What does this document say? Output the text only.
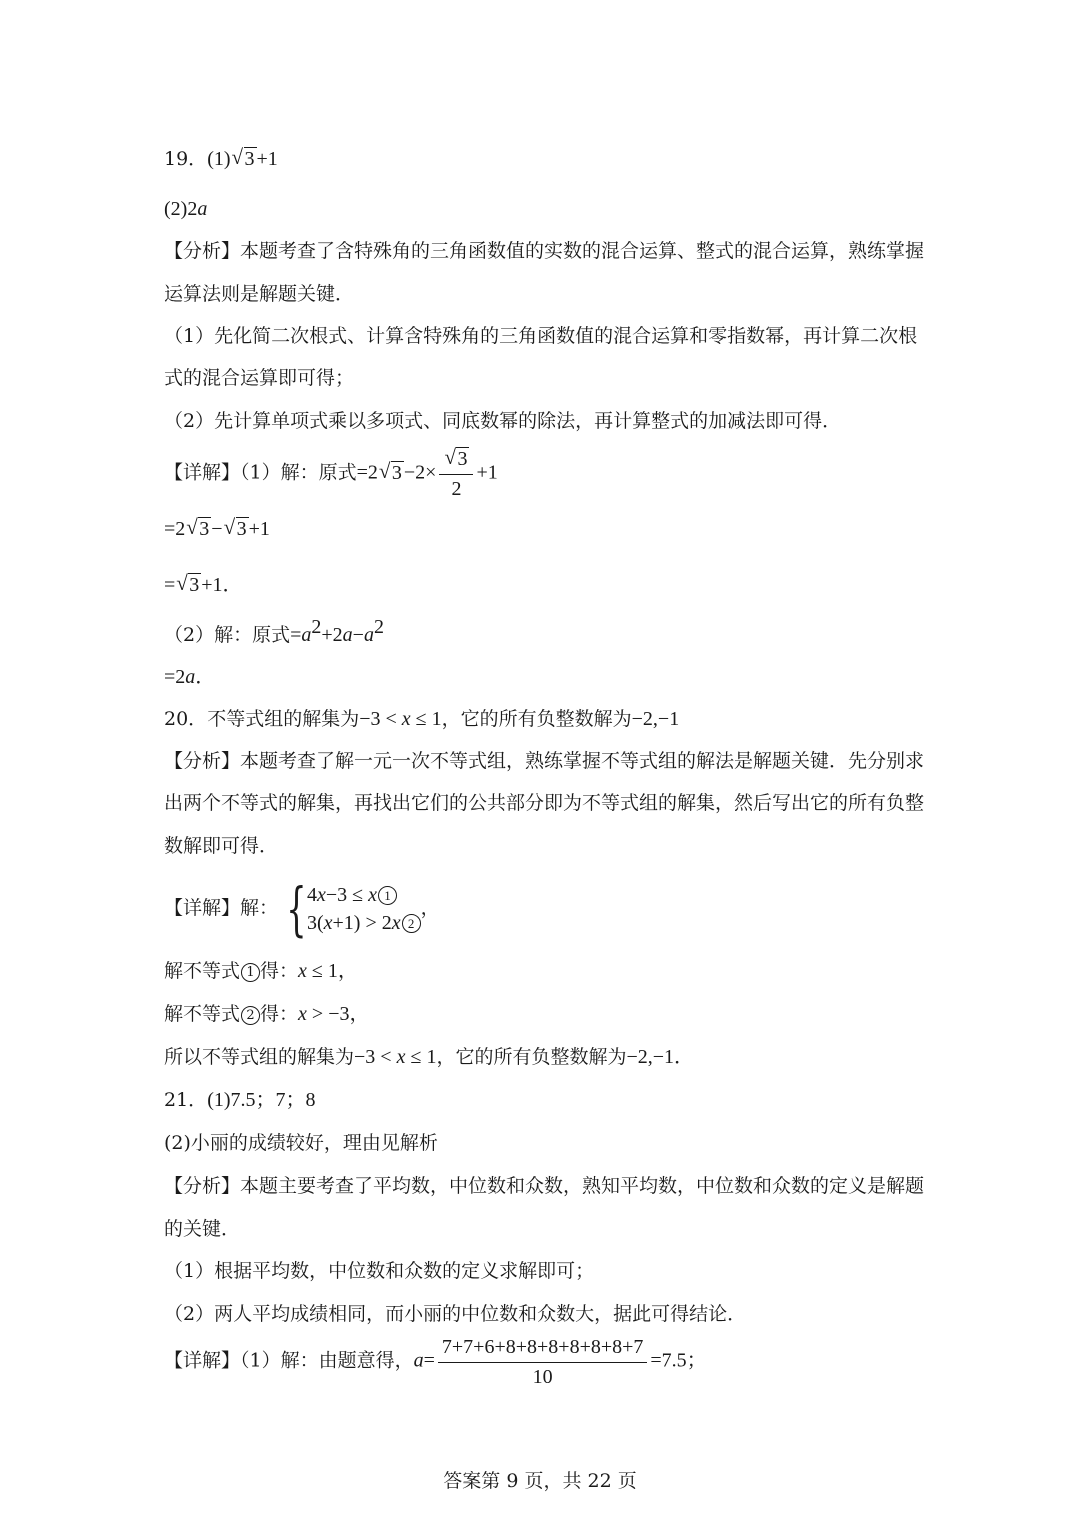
19．(1) √ 3 +1
(2)2a
【分析】本题考查了含特殊角的三角函数值的实数的混合运算、整式的混合运算，熟练掌握
运算法则是解题关键．
（1）先化简二次根式、计算含特殊角的三角函数值的混合运算和零指数幂，再计算二次根
式的混合运算即可得；
（2）先计算单项式乘以多项式、同底数幂的除法，再计算整式的加减法即可得．
【详解】（1）解：原式=2 √ 3 −2× √ $\frac{3}{2} +1$
=2 √ 3 − √ 3 +1
= √ 3 +1．
（2）解：原式$=a^2+2a-a^2$
=2a．
20．不等式组的解集为−3 < x ≤ 1，它的所有负整数解为−2,−1
【分析】本题考查了解一元一次不等式组，熟练掌握不等式组的解法是解题关键．先分别求
出两个不等式的解集，再找出它们的公共部分即为不等式组的解集，然后写出它的所有负整
数解即可得．
【详解】解： { 4x−3 ≤ x 1
3(x+1) > 2x 2
，
解不等式 1 得：x ≤ 1，
解不等式 2 得：x > −3，
所以不等式组的解集为−3 < x ≤ 1，它的所有负整数解为−2,−1．
21．(1)7.5；7；8
(2)小丽的成绩较好，理由见解析
【分析】本题主要考查了平均数，中位数和众数，熟知平均数，中位数和众数的定义是解题
的关键．
（1）根据平均数，中位数和众数的定义求解即可；
（2）两人平均成绩相同，而小丽的中位数和众数大，据此可得结论．
【详解】（1）解：由题意得，$a= \frac{7+7+6+8+8+8+8+8+8+7}{10} =7.5$；
答案第 9 页，共 22 页
